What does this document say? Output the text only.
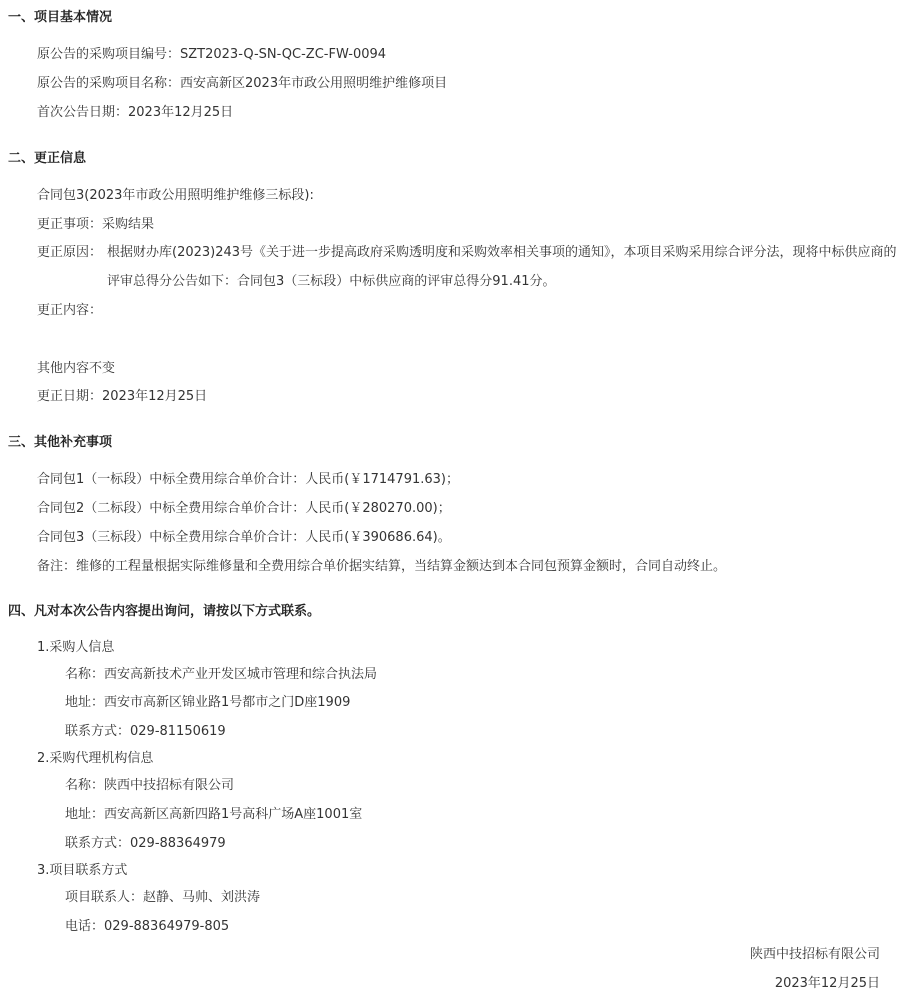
一、项目基本情况
原公告的采购项目编号：SZT2023-Q-SN-QC-ZC-FW-0094
原公告的采购项目名称：西安高新区2023年市政公用照明维护维修项目
首次公告日期：2023年12月25日
二、更正信息
合同包3(2023年市政公用照明维护维修三标段):
更正事项：采购结果
更正原因： 根据财办库(2023)243号《关于进一步提高政府采购透明度和采购效率相关事项的通知》，本项目采购采用综合评分法，现将中标供应商的
评审总得分公告如下：合同包3（三标段）中标供应商的评审总得分91.41分。
更正内容：
其他内容不变
更正日期：2023年12月25日
三、其他补充事项
合同包1（一标段）中标全费用综合单价合计：人民币(￥1714791.63)；
合同包2（二标段）中标全费用综合单价合计：人民币(￥280270.00)；
合同包3（三标段）中标全费用综合单价合计：人民币(￥390686.64)。
备注：维修的工程量根据实际维修量和全费用综合单价据实结算，当结算金额达到本合同包预算金额时，合同自动终止。
四、凡对本次公告内容提出询问，请按以下方式联系。
1.采购人信息
名称：西安高新技术产业开发区城市管理和综合执法局
地址：西安市高新区锦业路1号都市之门D座1909
联系方式：029-81150619
2.采购代理机构信息
名称：陕西中技招标有限公司
地址：西安高新区高新四路1号高科广场A座1001室
联系方式：029-88364979
3.项目联系方式
项目联系人：赵静、马帅、刘洪涛
电话：029-88364979-805
陕西中技招标有限公司
2023年12月25日
